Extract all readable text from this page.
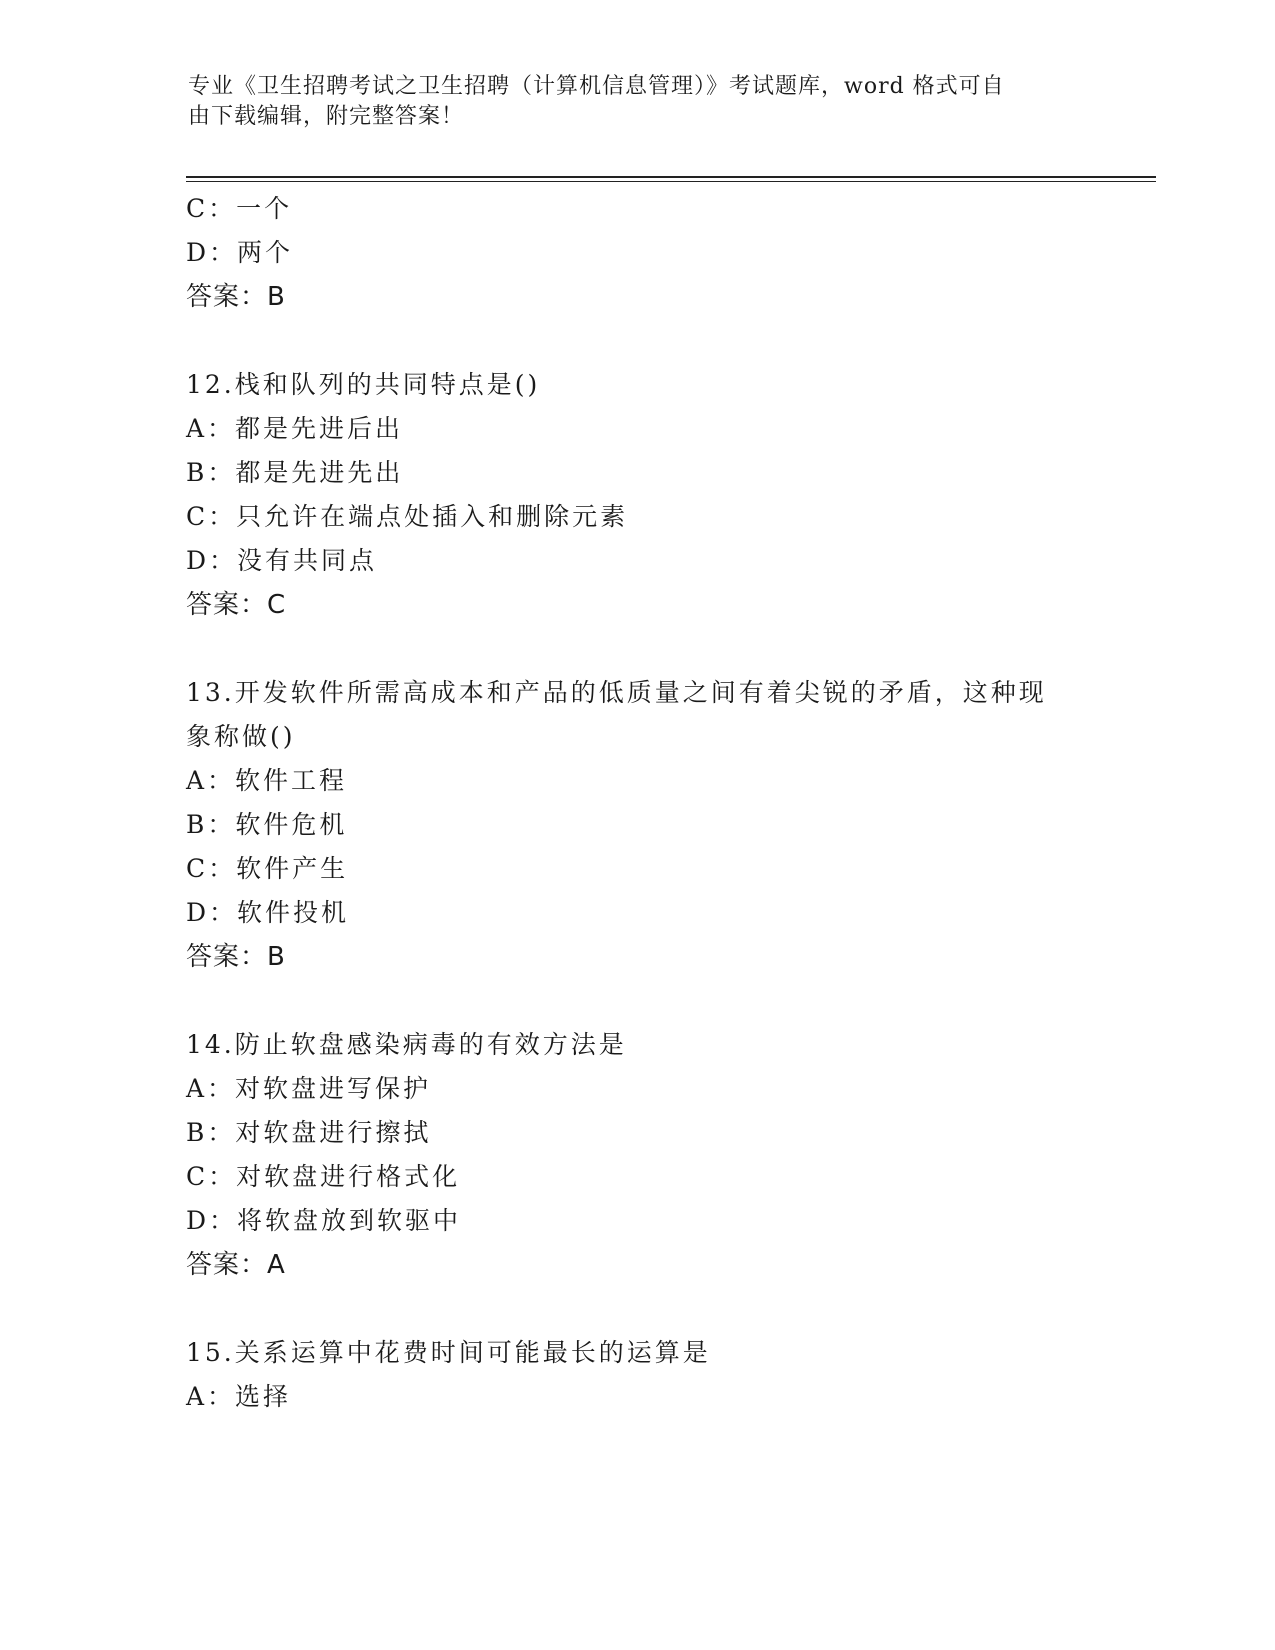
专业《卫生招聘考试之卫生招聘（计算机信息管理）》考试题库，word 格式可自
由下载编辑，附完整答案！
C：一个
D：两个
答案：B
12.栈和队列的共同特点是()
A：都是先进后出
B：都是先进先出
C：只允许在端点处插入和删除元素
D：没有共同点
答案：C
13.开发软件所需高成本和产品的低质量之间有着尖锐的矛盾，这种现
象称做()
A：软件工程
B：软件危机
C：软件产生
D：软件投机
答案：B
14.防止软盘感染病毒的有效方法是
A：对软盘进写保护
B：对软盘进行擦拭
C：对软盘进行格式化
D：将软盘放到软驱中
答案：A
15.关系运算中花费时间可能最长的运算是
A：选择
